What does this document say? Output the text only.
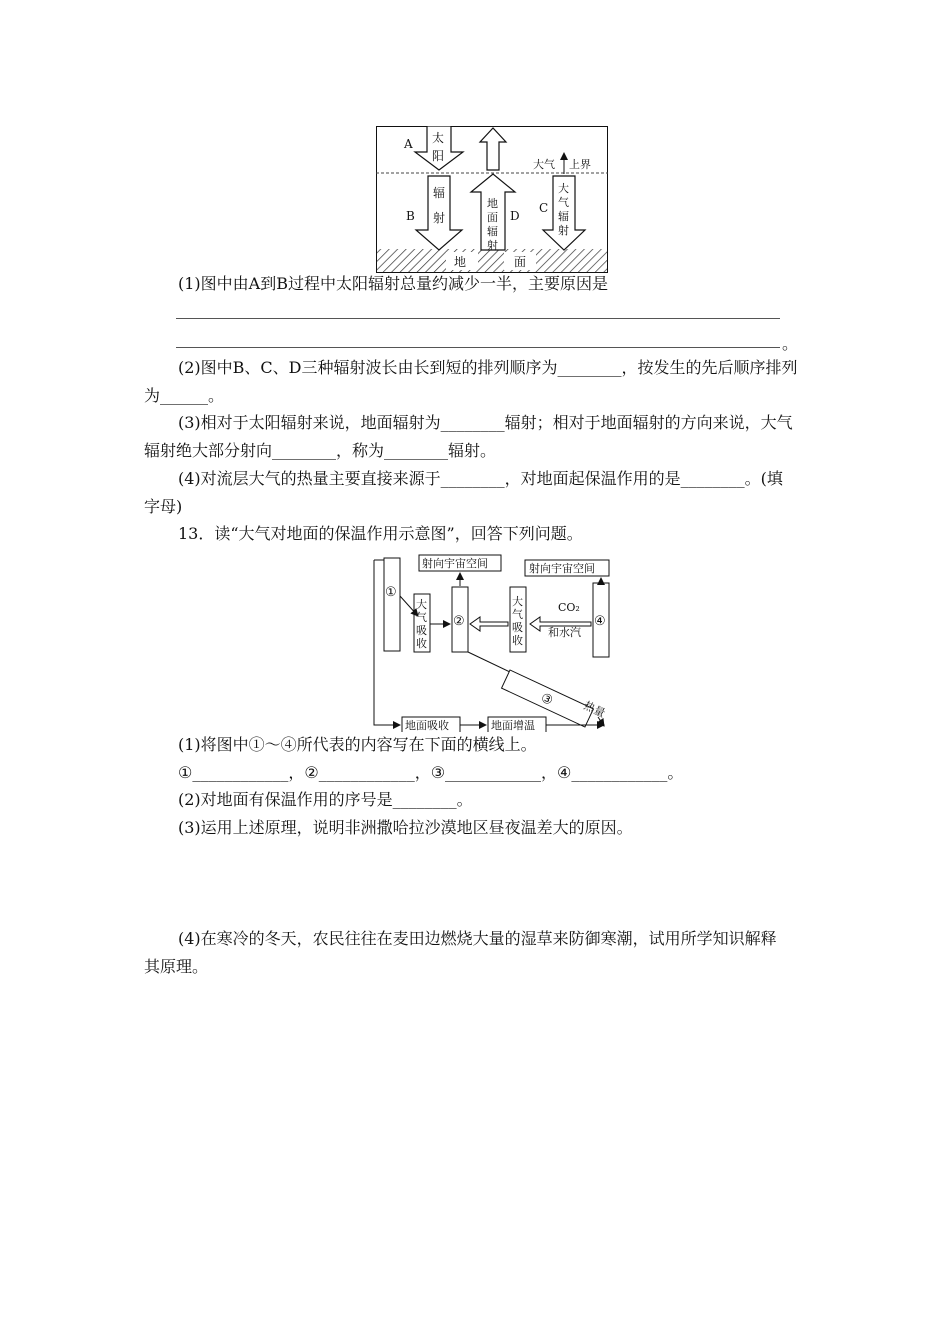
A
B
C
D
太
阳
辐
射
地
面
辐
射
大
气
辐
射
大气 上界
地	面
(1)图中由A到B过程中太阳辐射总量约减少一半，主要原因是
。
(2)图中B、C、D三种辐射波长由长到短的排列顺序为________，按发生的先后顺序排列
为______。
(3)相对于太阳辐射来说，地面辐射为________辐射；相对于地面辐射的方向来说，大气
辐射绝大部分射向________，称为________辐射。
(4)对流层大气的热量主要直接来源于________，对地面起保温作用的是________。(填
字母)
13．读“大气对地面的保温作用示意图”，回答下列问题。
①
大
气
吸
收
②
射向宇宙空间
大
气
吸
收
④
射向宇宙空间
CO₂
和水汽
③ 热量
地面吸收	地面增温
(1)将图中①～④所代表的内容写在下面的横线上。
①____________，②____________，③____________，④____________。
(2)对地面有保温作用的序号是________。
(3)运用上述原理，说明非洲撒哈拉沙漠地区昼夜温差大的原因。
(4)在寒冷的冬天，农民往往在麦田边燃烧大量的湿草来防御寒潮，试用所学知识解释
其原理。
